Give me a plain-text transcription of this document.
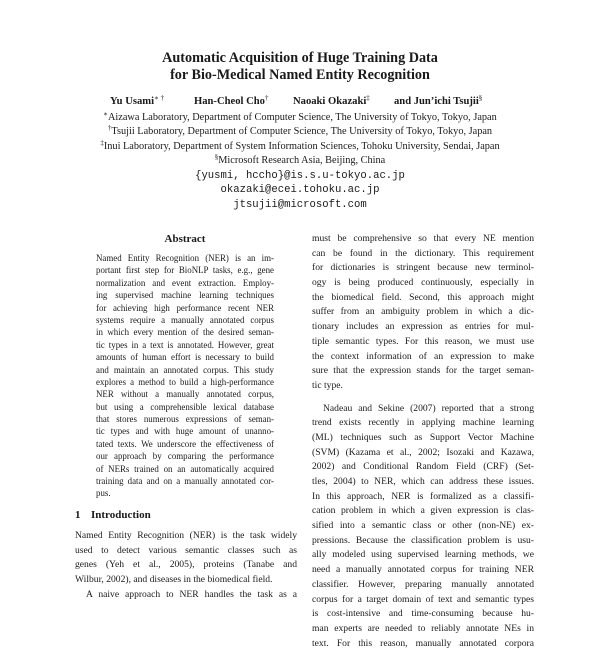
Automatic Acquisition of Huge Training Data
for Bio-Medical Named Entity Recognition
Yu Usami∗ †	Han-Cheol Cho† Naoaki Okazaki‡ and Jun’ichi Tsujii§
∗Aizawa Laboratory, Department of Computer Science, The University of Tokyo, Tokyo, Japan
†Tsujii Laboratory, Department of Computer Science, The University of Tokyo, Tokyo, Japan
‡Inui Laboratory, Department of System Information Sciences, Tohoku University, Sendai, Japan
§Microsoft Research Asia, Beijing, China
{yusmi, hccho}@is.s.u-tokyo.ac.jp
okazaki@ecei.tohoku.ac.jp
jtsujii@microsoft.com
Abstract
Named Entity Recognition (NER) is an im-
portant first step for BioNLP tasks, e.g., gene
normalization and event extraction. Employ-
ing supervised machine learning techniques
for achieving high performance recent NER
systems require a manually annotated corpus
in which every mention of the desired seman-
tic types in a text is annotated. However, great
amounts of human effort is necessary to build
and maintain an annotated corpus. This study
explores a method to build a high-performance
NER without a manually annotated corpus,
but using a comprehensible lexical database
that stores numerous expressions of seman-
tic types and with huge amount of unanno-
tated texts. We underscore the effectiveness of
our approach by comparing the performance
of NERs trained on an automatically acquired
training data and on a manually annotated cor-
pus.
1 Introduction
Named Entity Recognition (NER) is the task widely
used to detect various semantic classes such as
genes (Yeh et al., 2005), proteins (Tanabe and
Wilbur, 2002), and diseases in the biomedical field.
A naive approach to NER handles the task as a
must be comprehensive so that every NE mention
can be found in the dictionary. This requirement
for dictionaries is stringent because new terminol-
ogy is being produced continuously, especially in
the biomedical field. Second, this approach might
suffer from an ambiguity problem in which a dic-
tionary includes an expression as entries for mul-
tiple semantic types. For this reason, we must use
the context information of an expression to make
sure that the expression stands for the target seman-
tic type.
Nadeau and Sekine (2007) reported that a strong
trend exists recently in applying machine learning
(ML) techniques such as Support Vector Machine
(SVM) (Kazama et al., 2002; Isozaki and Kazawa,
2002) and Conditional Random Field (CRF) (Set-
tles, 2004) to NER, which can address these issues.
In this approach, NER is formalized as a classifi-
cation problem in which a given expression is clas-
sified into a semantic class or other (non-NE) ex-
pressions. Because the classification problem is usu-
ally modeled using supervised learning methods, we
need a manually annotated corpus for training NER
classifier. However, preparing manually annotated
corpus for a target domain of text and semantic types
is cost-intensive and time-consuming because hu-
man experts are needed to reliably annotate NEs in
text. For this reason, manually annotated corpora
